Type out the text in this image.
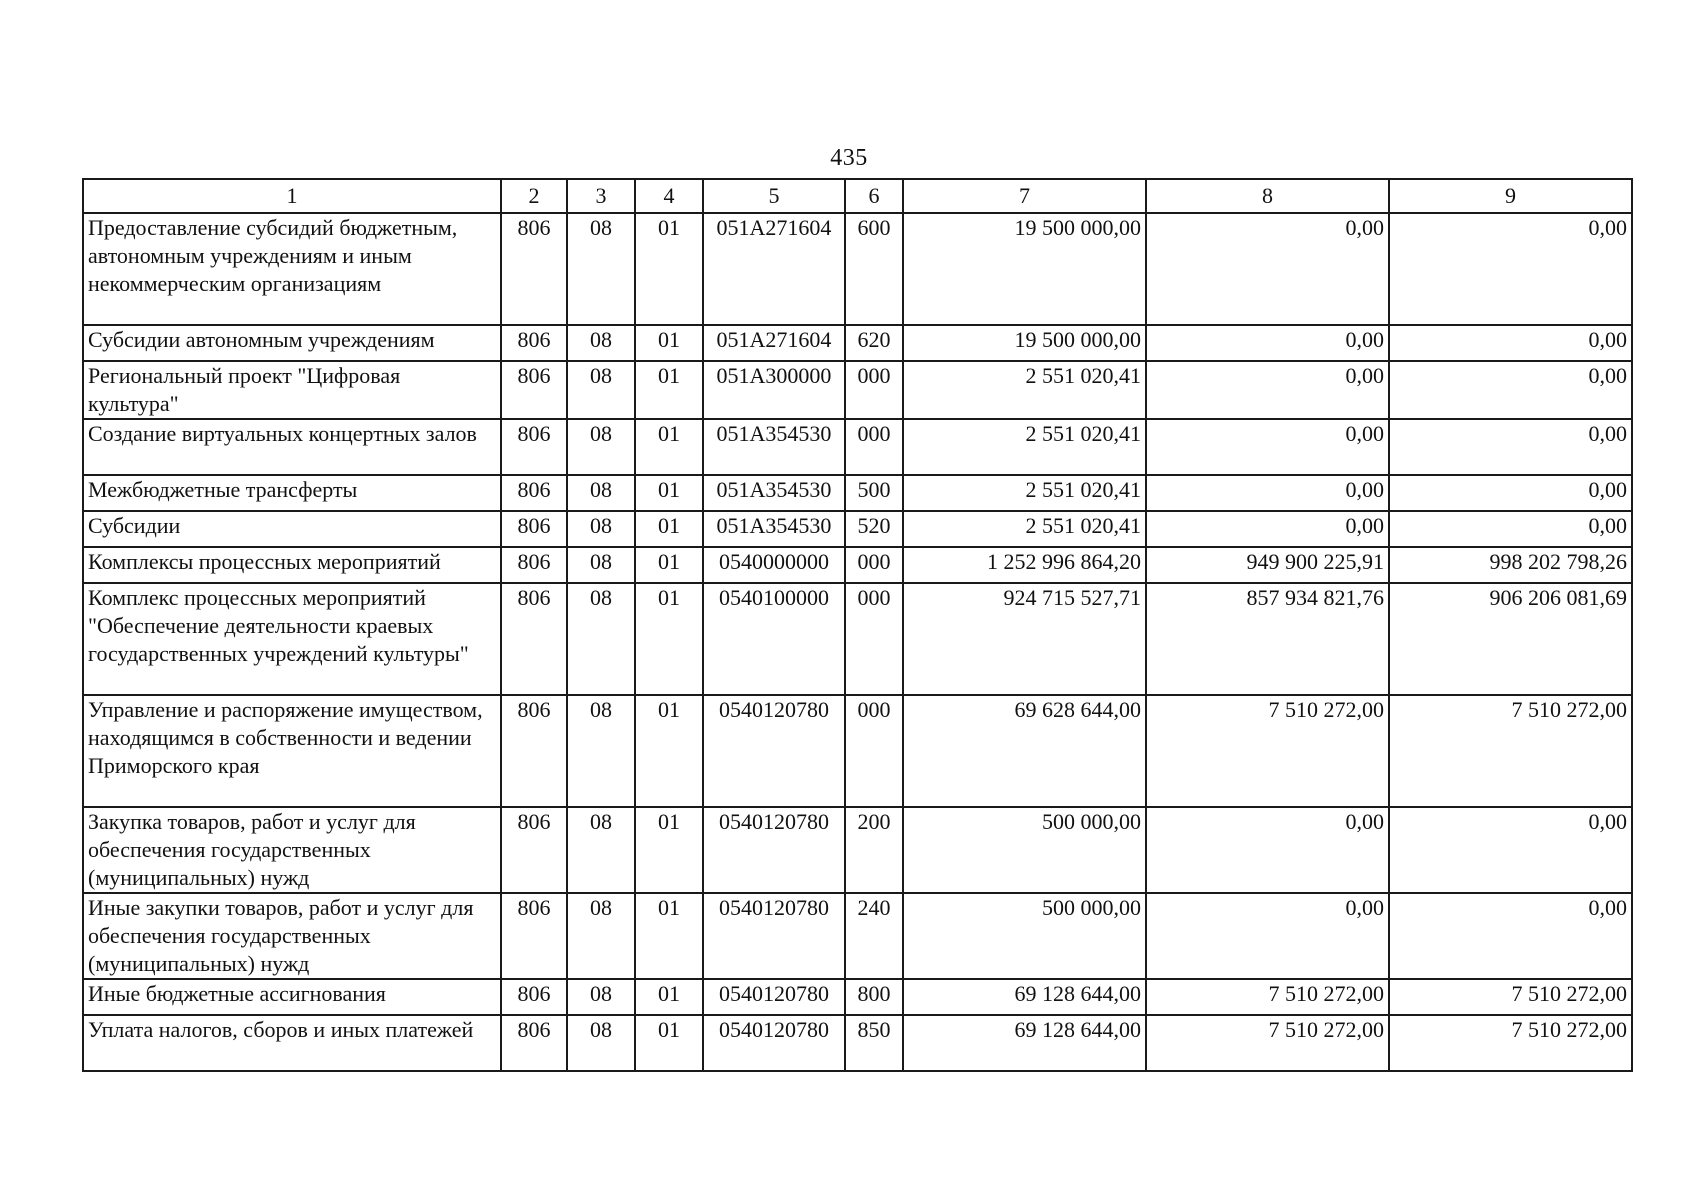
435
1	2	3	4	5	6	7	8	9
Предоставление субсидий бюджетным, автономным учреждениям и иным некоммерческим организациям	806	08	01	051A271604	600	19 500 000,00	0,00	0,00
Субсидии автономным учреждениям	806	08	01	051A271604	620	19 500 000,00	0,00	0,00
Региональный проект "Цифровая культура"	806	08	01	051A300000	000	2 551 020,41	0,00	0,00
Создание виртуальных концертных залов	806	08	01	051A354530	000	2 551 020,41	0,00	0,00
Межбюджетные трансферты	806	08	01	051A354530	500	2 551 020,41	0,00	0,00
Субсидии	806	08	01	051A354530	520	2 551 020,41	0,00	0,00
Комплексы процессных мероприятий	806	08	01	0540000000	000	1 252 996 864,20	949 900 225,91	998 202 798,26
Комплекс процессных мероприятий "Обеспечение деятельности краевых государственных учреждений культуры"	806	08	01	0540100000	000	924 715 527,71	857 934 821,76	906 206 081,69
Управление и распоряжение имуществом, находящимся в собственности и ведении Приморского края	806	08	01	0540120780	000	69 628 644,00	7 510 272,00	7 510 272,00
Закупка товаров, работ и услуг для обеспечения государственных (муниципальных) нужд	806	08	01	0540120780	200	500 000,00	0,00	0,00
Иные закупки товаров, работ и услуг для обеспечения государственных (муниципальных) нужд	806	08	01	0540120780	240	500 000,00	0,00	0,00
Иные бюджетные ассигнования	806	08	01	0540120780	800	69 128 644,00	7 510 272,00	7 510 272,00
Уплата налогов, сборов и иных платежей	806	08	01	0540120780	850	69 128 644,00	7 510 272,00	7 510 272,00
